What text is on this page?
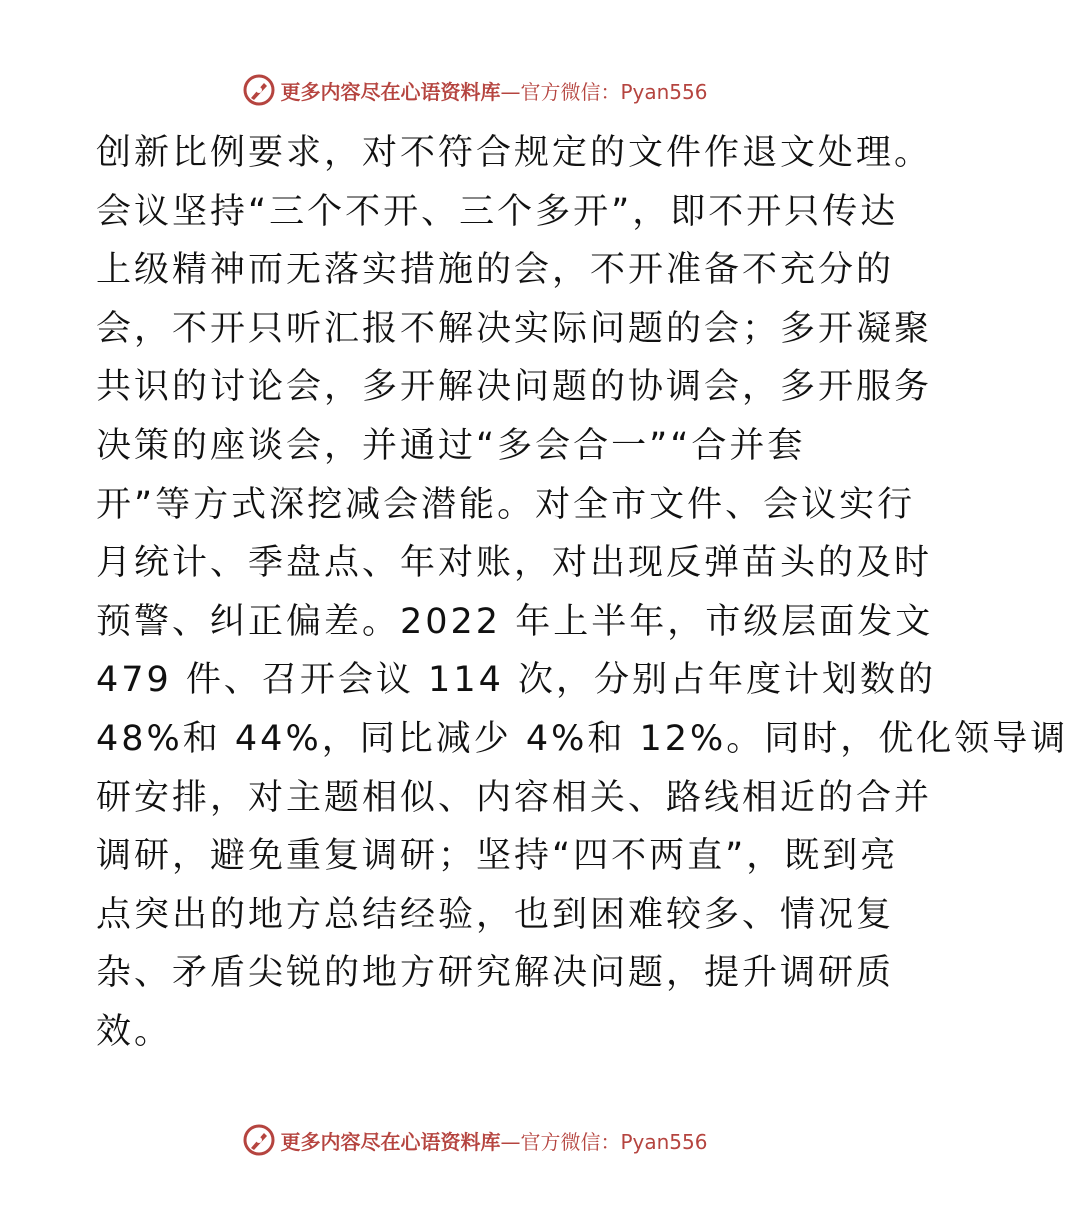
更多内容尽在心语资料库 —官方微信：Pyan556
创新比例要求，对不符合规定的文件作退文处理。
会议坚持“三个不开、三个多开”，即不开只传达
上级精神而无落实措施的会，不开准备不充分的
会，不开只听汇报不解决实际问题的会；多开凝聚
共识的讨论会，多开解决问题的协调会，多开服务
决策的座谈会，并通过“多会合一”“合并套
开”等方式深挖减会潜能。对全市文件、会议实行
月统计、季盘点、年对账，对出现反弹苗头的及时
预警、纠正偏差。2022 年上半年，市级层面发文
479 件、召开会议 114 次，分别占年度计划数的
48%和 44%，同比减少 4%和 12%。同时，优化领导调
研安排，对主题相似、内容相关、路线相近的合并
调研，避免重复调研；坚持“四不两直”，既到亮
点突出的地方总结经验，也到困难较多、情况复
杂、矛盾尖锐的地方研究解决问题，提升调研质
效。
更多内容尽在心语资料库 —官方微信：Pyan556
